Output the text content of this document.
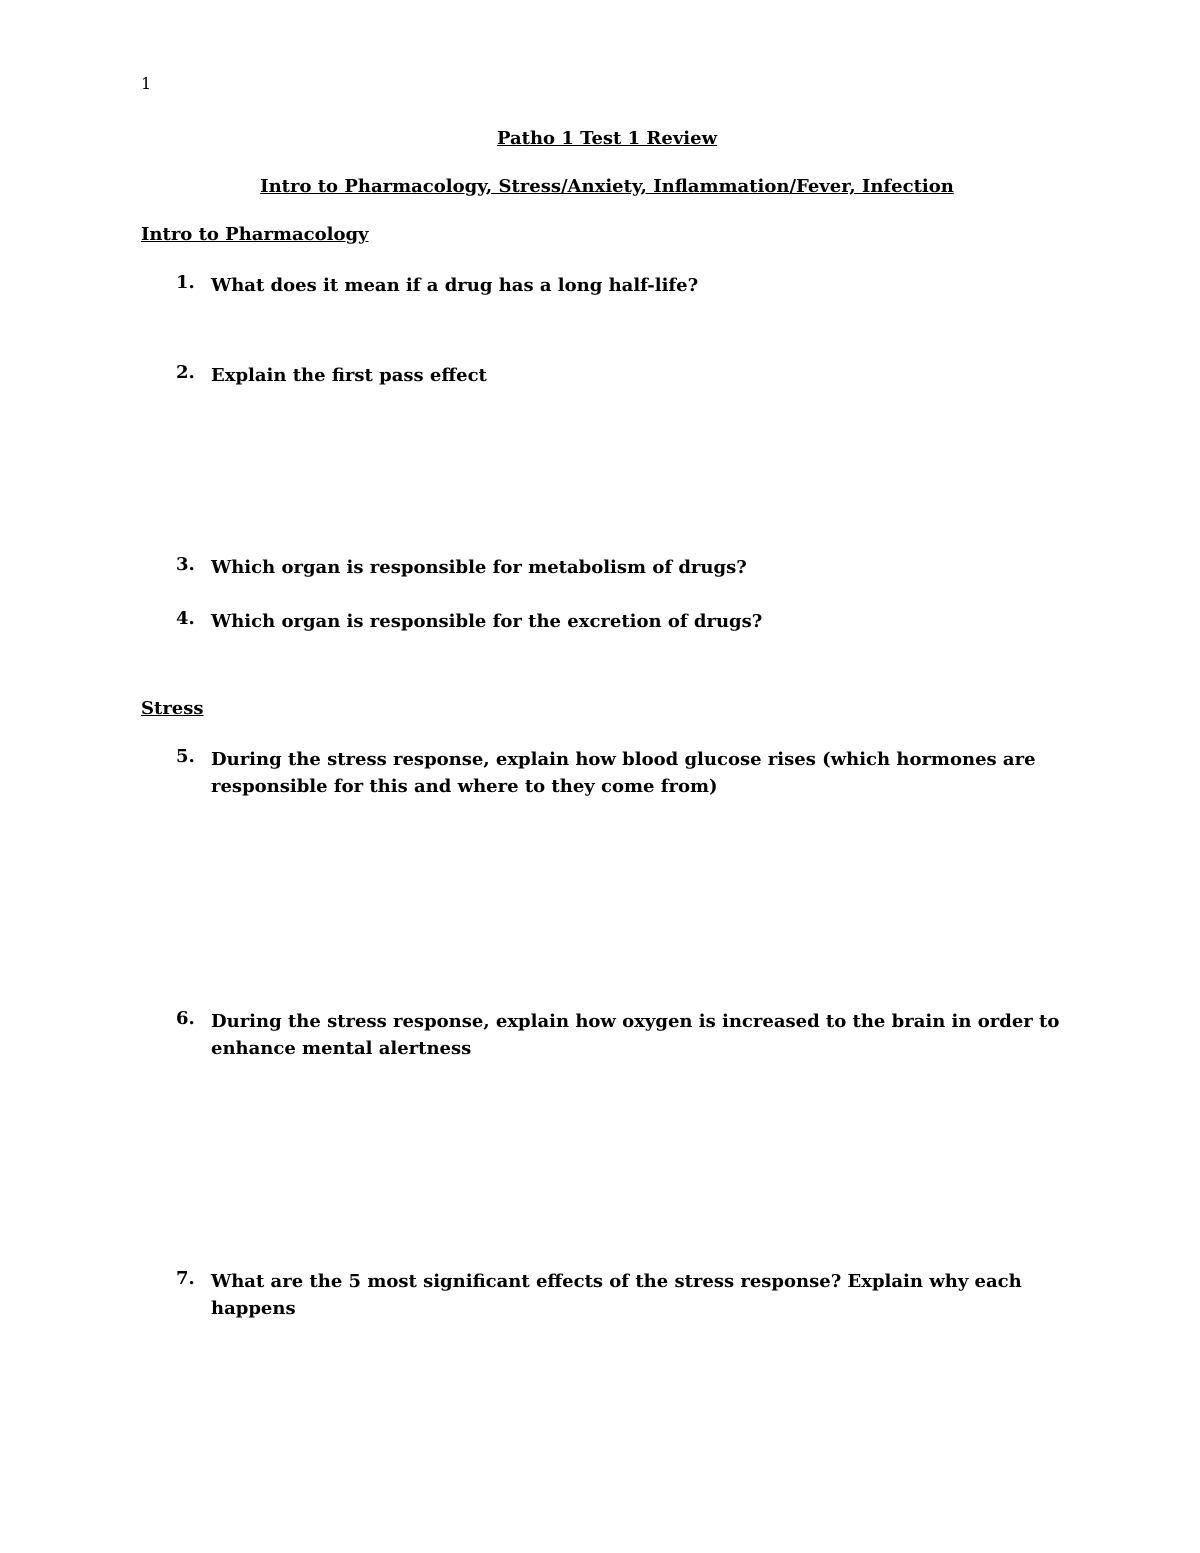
1
Patho 1 Test 1 Review
Intro to Pharmacology, Stress/Anxiety, Inflammation/Fever, Infection
Intro to Pharmacology
1. What does it mean if a drug has a long half-life?
2. Explain the first pass effect
3. Which organ is responsible for metabolism of drugs?
4. Which organ is responsible for the excretion of drugs?
Stress
5. During the stress response, explain how blood glucose rises (which hormones are responsible for this and where to they come from)
6. During the stress response, explain how oxygen is increased to the brain in order to enhance mental alertness
7. What are the 5 most significant effects of the stress response? Explain why each happens
